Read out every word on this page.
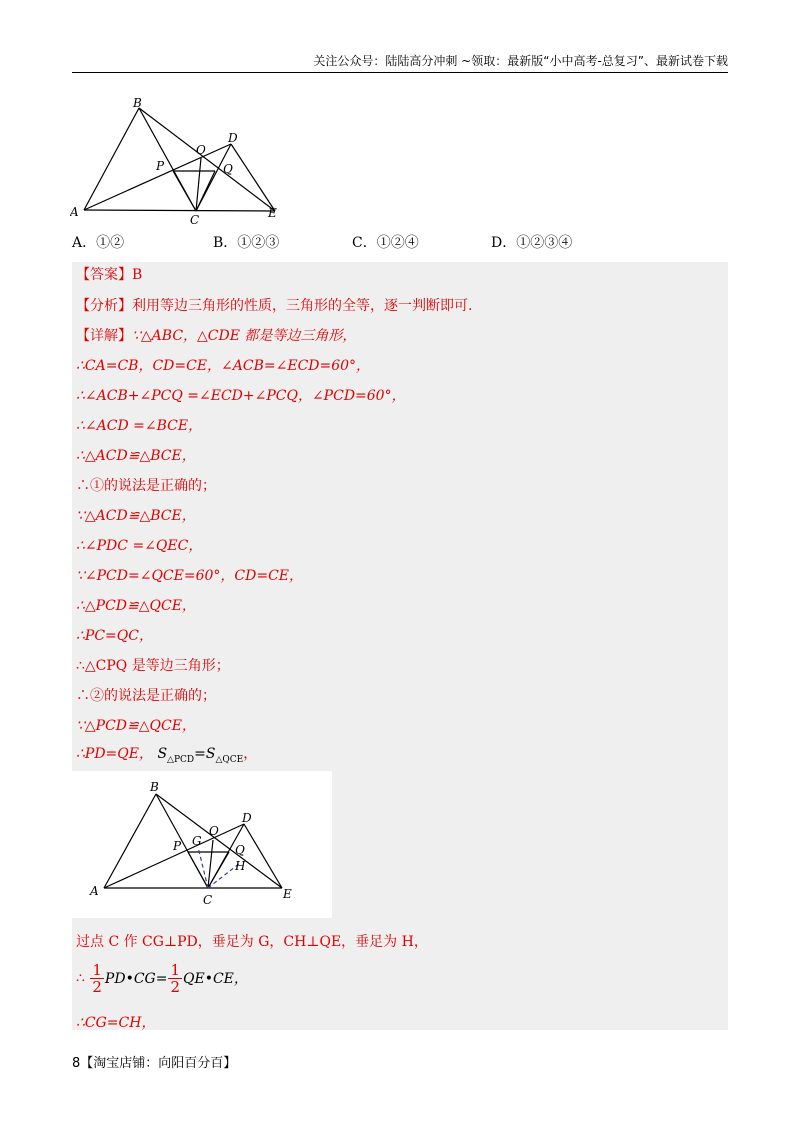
关注公众号：陆陆高分冲刺 ~领取：最新版“小中高考-总复习”、最新试卷下载
A
B
C
D
E
O
P	Q
A．①②	B．①②③	C．①②④	D．①②③④
【答案】B
【分析】利用等边三角形的性质，三角形的全等，逐一判断即可.
【详解】∵△ABC，△CDE 都是等边三角形，
∴CA=CB，CD=CE，∠ACB=∠ECD=60°，
∴∠ACB+∠PCQ =∠ECD+∠PCQ，∠PCD=60°，
∴∠ACD =∠BCE，
∴△ACD≌△BCE，
∴①的说法是正确的；
∵△ACD≌△BCE，
∴∠PDC =∠QEC，
∵∠PCD=∠QCE=60°，CD=CE，
∴△PCD≌△QCE，
∴PC=QC，
∴△CPQ 是等边三角形；
∴②的说法是正确的；
∵△PCD≌△QCE，
∴PD=QE， $S_{\triangle PCD}=S_{\triangle QCE}$，
A
B
C
D
E
O
P	Q
G
H
过点 C 作 CG⊥PD，垂足为 G，CH⊥QE，垂足为 H，
∴ $\frac{1}{2}$ PD•CG= $\frac{1}{2}$ QE•CE，
∴CG=CH，
8【淘宝店铺：向阳百分百】
